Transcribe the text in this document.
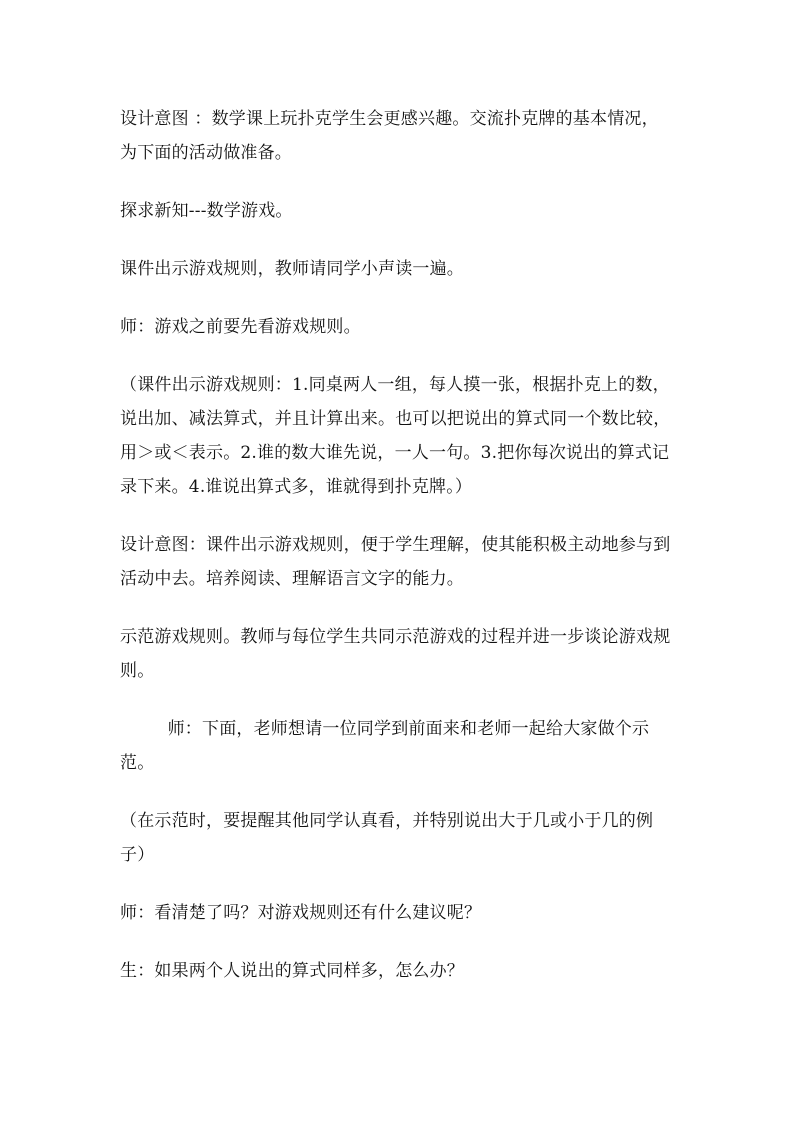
设计意图 ：数学课上玩扑克学生会更感兴趣。交流扑克牌的基本情况，为下面的活动做准备。

探求新知---数学游戏。

课件出示游戏规则，教师请同学小声读一遍。

师：游戏之前要先看游戏规则。

（课件出示游戏规则：1.同桌两人一组，每人摸一张，根据扑克上的数，说出加、减法算式，并且计算出来。也可以把说出的算式同一个数比较，用＞或＜表示。2.谁的数大谁先说，一人一句。3.把你每次说出的算式记录下来。4.谁说出算式多，谁就得到扑克牌。）

设计意图：课件出示游戏规则，便于学生理解，使其能积极主动地参与到活动中去。培养阅读、理解语言文字的能力。

示范游戏规则。教师与每位学生共同示范游戏的过程并进一步谈论游戏规则。

师：下面，老师想请一位同学到前面来和老师一起给大家做个示范。

（在示范时，要提醒其他同学认真看，并特别说出大于几或小于几的例子）

师：看清楚了吗？对游戏规则还有什么建议呢？

生：如果两个人说出的算式同样多，怎么办？
